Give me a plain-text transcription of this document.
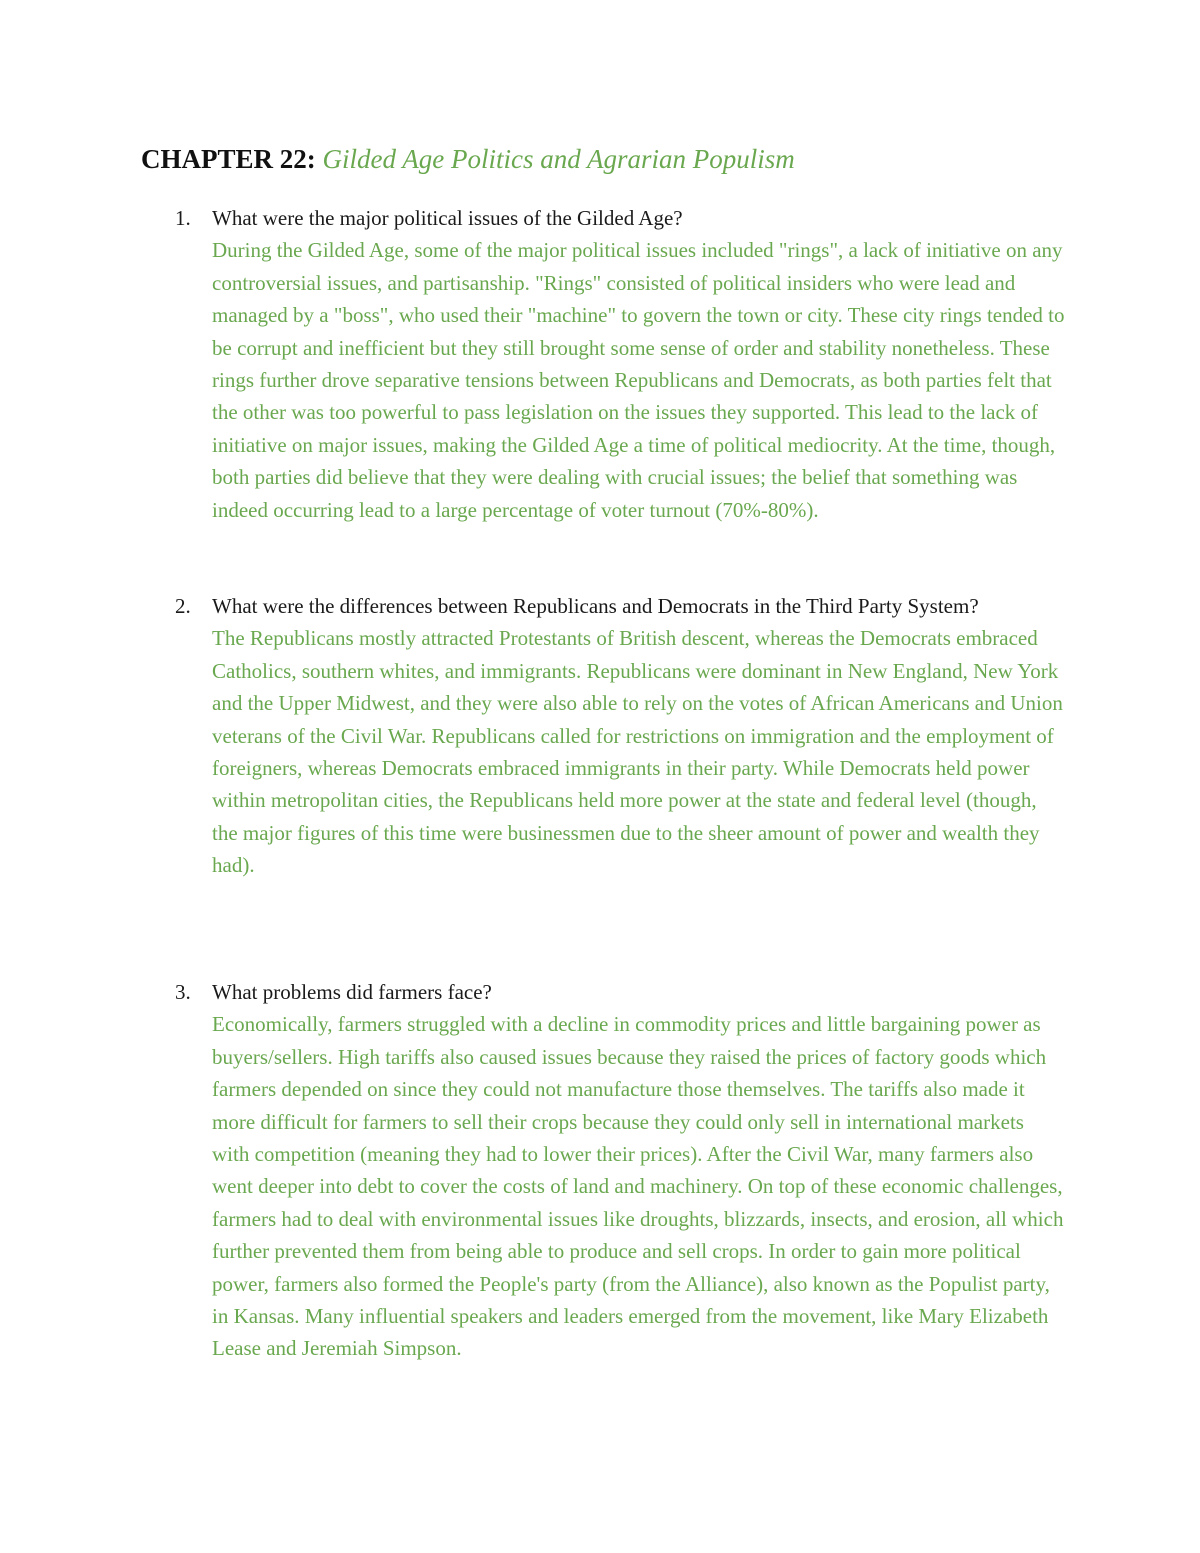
CHAPTER 22: Gilded Age Politics and Agrarian Populism
1. What were the major political issues of the Gilded Age?
During the Gilded Age, some of the major political issues included "rings", a lack of initiative on any controversial issues, and partisanship. "Rings" consisted of political insiders who were lead and managed by a "boss", who used their "machine" to govern the town or city. These city rings tended to be corrupt and inefficient but they still brought some sense of order and stability nonetheless. These rings further drove separative tensions between Republicans and Democrats, as both parties felt that the other was too powerful to pass legislation on the issues they supported. This lead to the lack of initiative on major issues, making the Gilded Age a time of political mediocrity. At the time, though, both parties did believe that they were dealing with crucial issues; the belief that something was indeed occurring lead to a large percentage of voter turnout (70%-80%).
2. What were the differences between Republicans and Democrats in the Third Party System?
The Republicans mostly attracted Protestants of British descent, whereas the Democrats embraced Catholics, southern whites, and immigrants. Republicans were dominant in New England, New York and the Upper Midwest, and they were also able to rely on the votes of African Americans and Union veterans of the Civil War. Republicans called for restrictions on immigration and the employment of foreigners, whereas Democrats embraced immigrants in their party. While Democrats held power within metropolitan cities, the Republicans held more power at the state and federal level (though, the major figures of this time were businessmen due to the sheer amount of power and wealth they had).
3. What problems did farmers face?
Economically, farmers struggled with a decline in commodity prices and little bargaining power as buyers/sellers. High tariffs also caused issues because they raised the prices of factory goods which farmers depended on since they could not manufacture those themselves. The tariffs also made it more difficult for farmers to sell their crops because they could only sell in international markets with competition (meaning they had to lower their prices). After the Civil War, many farmers also went deeper into debt to cover the costs of land and machinery. On top of these economic challenges, farmers had to deal with environmental issues like droughts, blizzards, insects, and erosion, all which further prevented them from being able to produce and sell crops. In order to gain more political power, farmers also formed the People's party (from the Alliance), also known as the Populist party, in Kansas. Many influential speakers and leaders emerged from the movement, like Mary Elizabeth Lease and Jeremiah Simpson.
